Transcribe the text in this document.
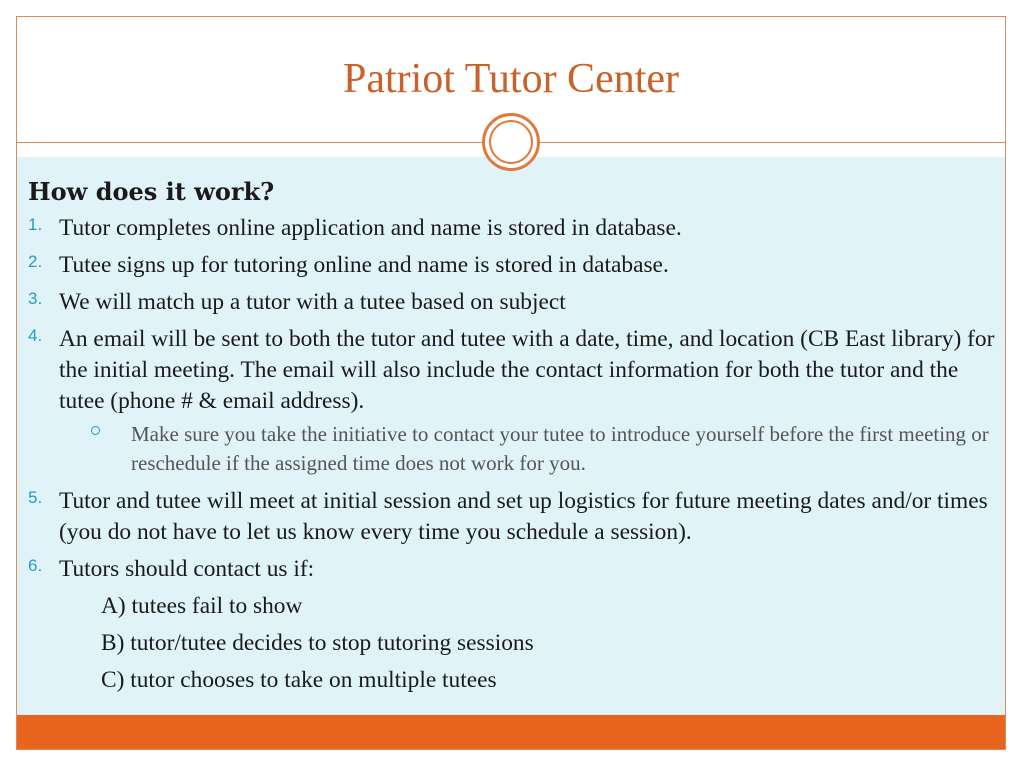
Patriot Tutor Center
How does it work?
1. Tutor completes online application and name is stored in database.
2. Tutee signs up for tutoring online and name is stored in database.
3. We will match up a tutor with a tutee based on subject
4. An email will be sent to both the tutor and tutee with a date, time, and location (CB East library) for the initial meeting. The email will also include the contact information for both the tutor and the tutee (phone # & email address).
Make sure you take the initiative to contact your tutee to introduce yourself before the first meeting or reschedule if the assigned time does not work for you.
5. Tutor and tutee will meet at initial session and set up logistics for future meeting dates and/or times (you do not have to let us know every time you schedule a session).
6. Tutors should contact us if:
A) tutees fail to show
B) tutor/tutee decides to stop tutoring sessions
C) tutor chooses to take on multiple tutees
